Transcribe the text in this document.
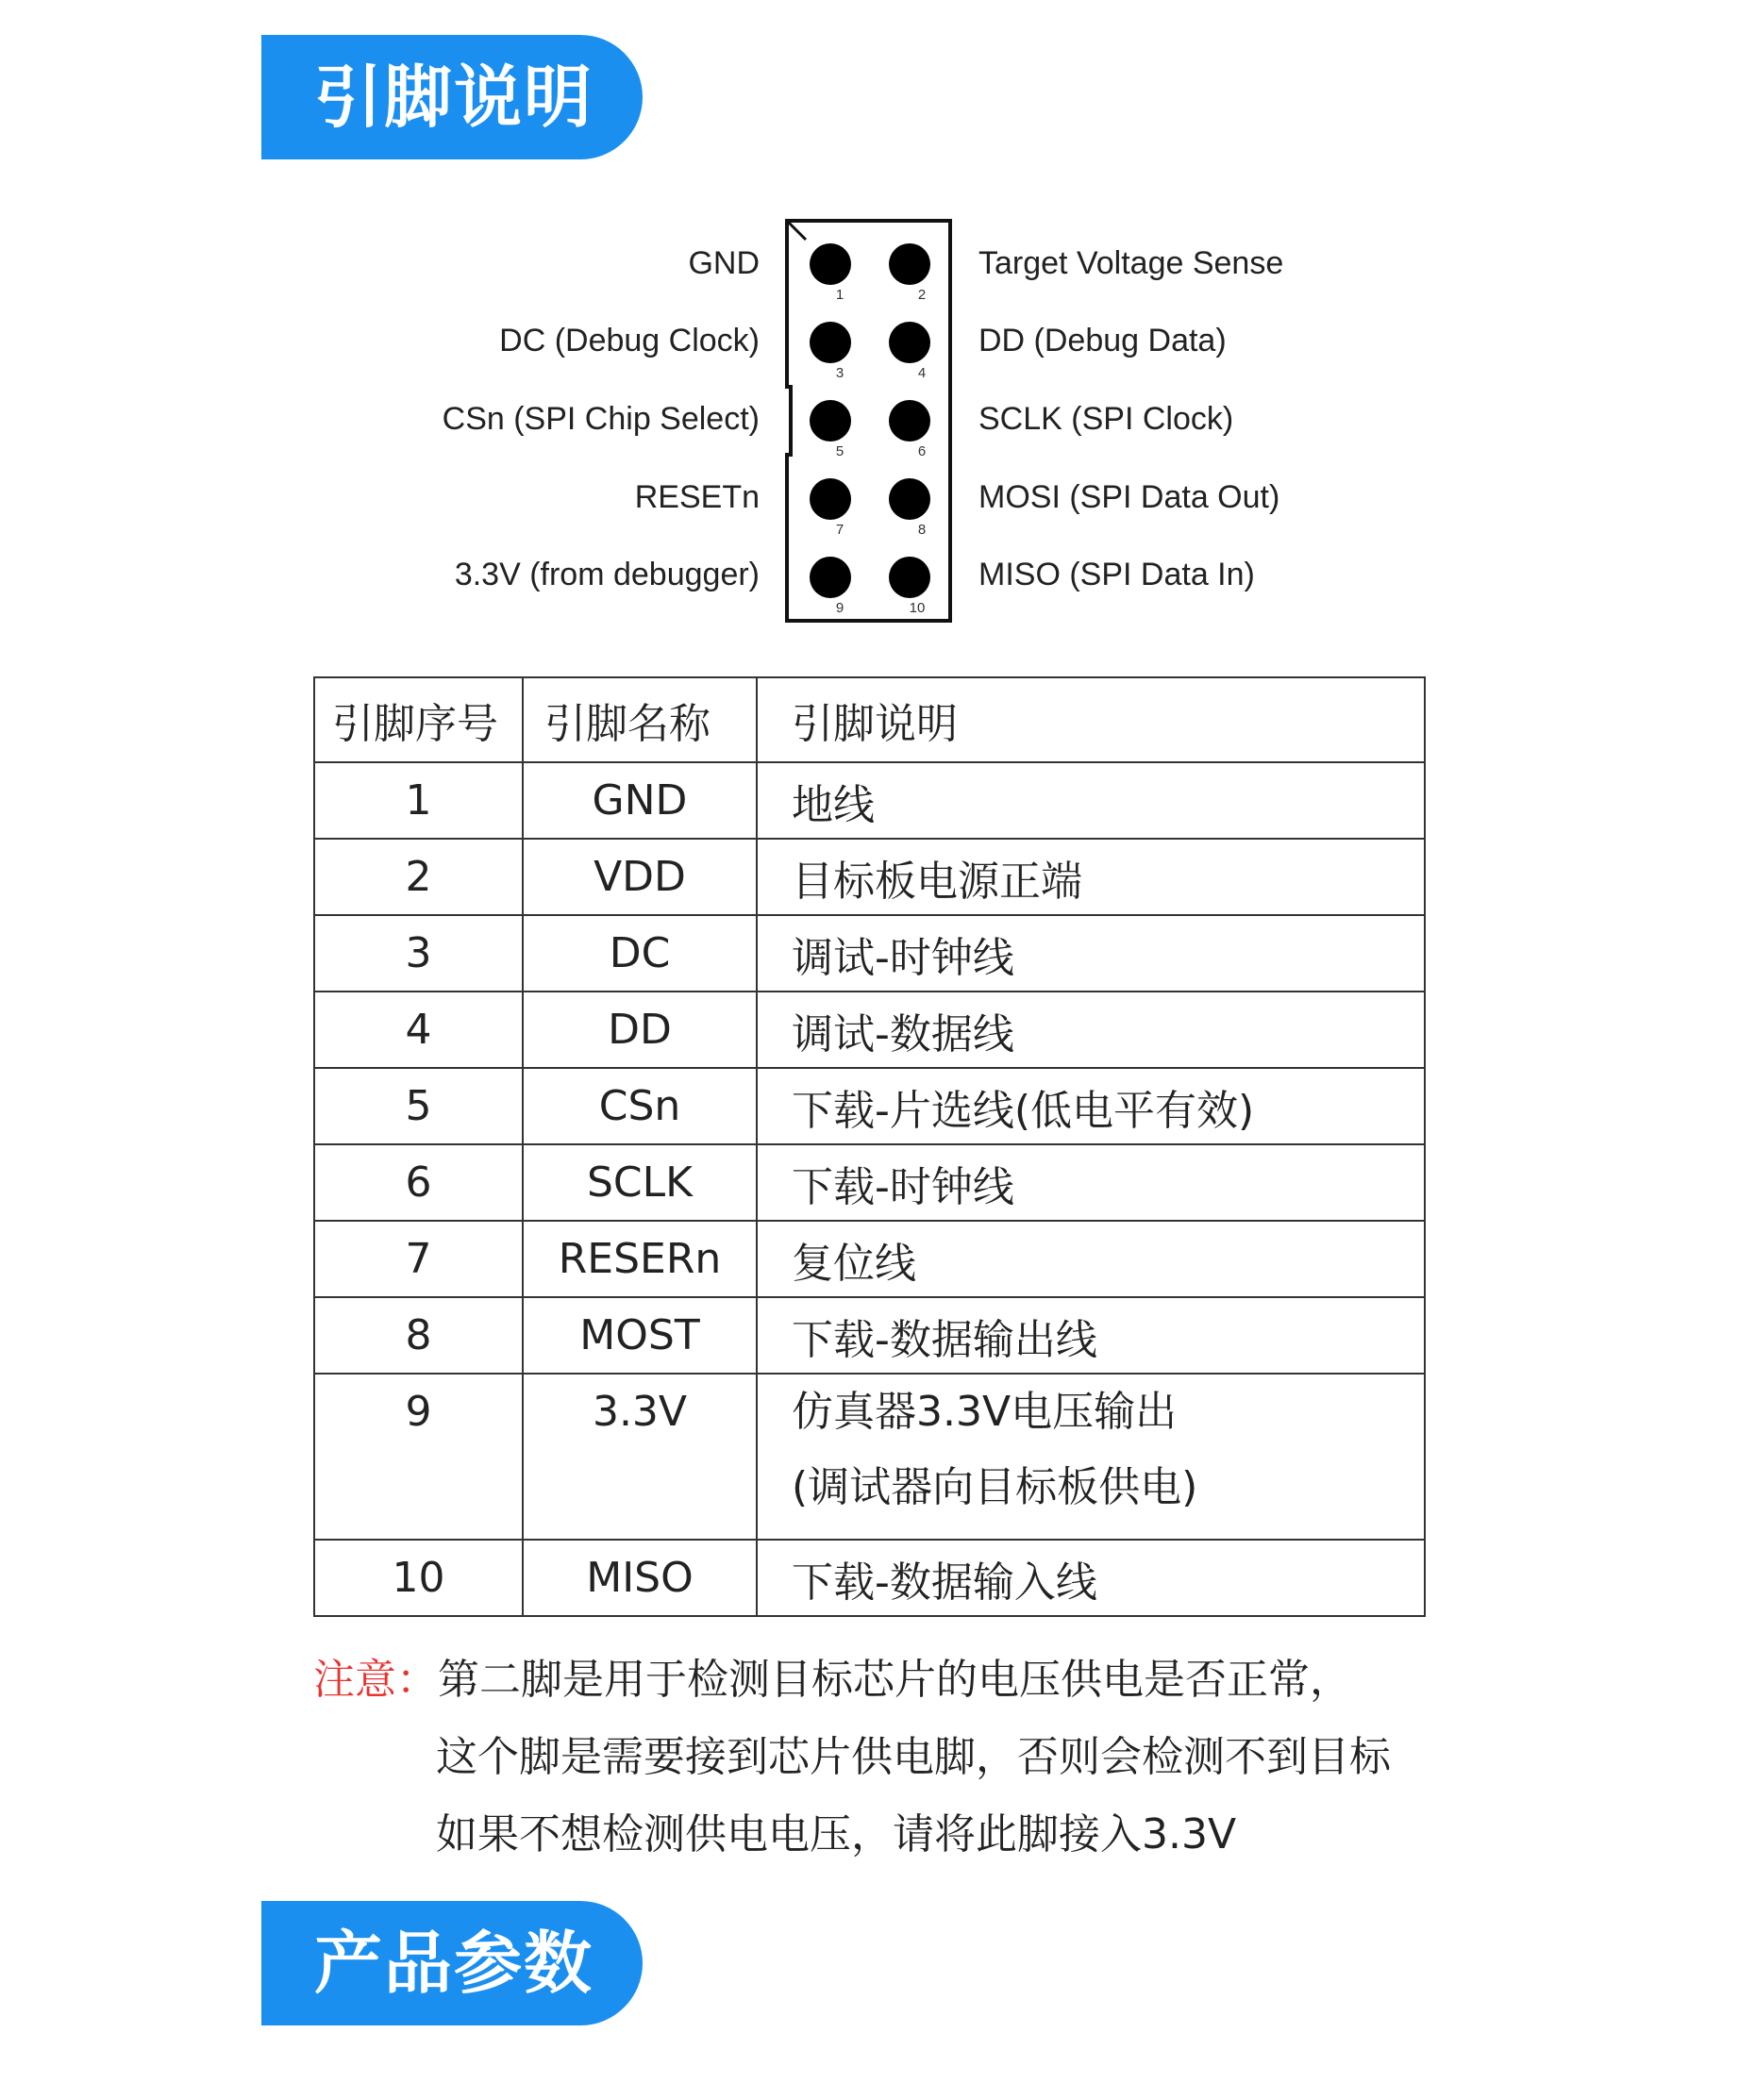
引脚说明
GND
DC (Debug Clock)
CSn (SPI Chip Select)
RESETn
3.3V (from debugger)
Target Voltage Sense
DD (Debug Data)
SCLK (SPI Clock)
MOSI (SPI Data Out)
MISO (SPI Data In)
1	2
3	4
5	6
7	8
9	10
引脚序号	引脚名称	引脚说明
1	GND	地线
2	VDD	目标板电源正端
3	DC	调试-时钟线
4	DD	调试-数据线
5	CSn	下载-片选线(低电平有效)
6	SCLK	下载-时钟线
7	RESERn	复位线
8	MOST	下载-数据输出线
9	3.3V	仿真器3.3V电压输出
(调试器向目标板供电)

10	MISO	下载-数据输入线
注意：第二脚是用于检测目标芯片的电压供电是否正常，
这个脚是需要接到芯片供电脚，否则会检测不到目标
如果不想检测供电电压，请将此脚接入3.3V
产品参数
